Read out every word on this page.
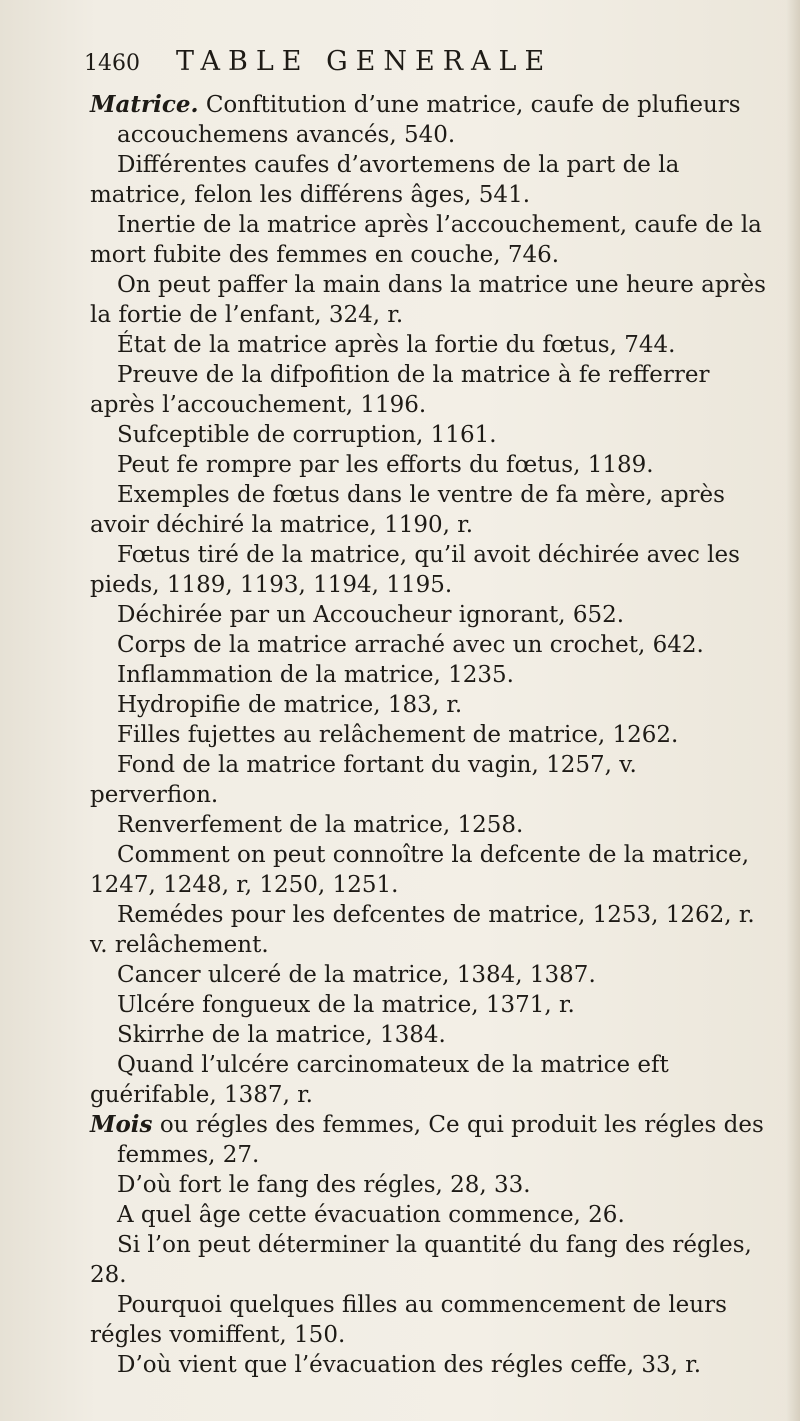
1460 TABLE GENERALE

Matrice. Conftitution d’une matrice, caufe de plufieurs accouchemens avancés, 540.

Différentes caufes d’avortemens de la part de la matrice, felon les différens âges, 541.

Inertie de la matrice après l’accouchement, caufe de la mort fubite des femmes en couche, 746.

On peut paffer la main dans la matrice une heure après la fortie de l’enfant, 324, r.

État de la matrice après la fortie du fœtus, 744.

Preuve de la difpofition de la matrice à fe refferrer après l’accouchement, 1196.

Sufceptible de corruption, 1161.

Peut fe rompre par les efforts du fœtus, 1189.

Exemples de fœtus dans le ventre de fa mère, après avoir déchiré la matrice, 1190, r.

Fœtus tiré de la matrice, qu’il avoit déchirée avec les pieds, 1189, 1193, 1194, 1195.

Déchirée par un Accoucheur ignorant, 652.

Corps de la matrice arraché avec un crochet, 642.

Inflammation de la matrice, 1235.

Hydropifie de matrice, 183, r.

Filles fujettes au relâchement de matrice, 1262.

Fond de la matrice fortant du vagin, 1257, v. perverfion.

Renverfement de la matrice, 1258.

Comment on peut connoître la defcente de la matrice, 1247, 1248, r, 1250, 1251.

Remédes pour les defcentes de matrice, 1253, 1262, r. v. relâchement.

Cancer ulceré de la matrice, 1384, 1387.

Ulcére fongueux de la matrice, 1371, r.

Skirrhe de la matrice, 1384.

Quand l’ulcére carcinomateux de la matrice eft guérifable, 1387, r.

Mois ou régles des femmes, Ce qui produit les régles des femmes, 27.

D’où fort le fang des régles, 28, 33.

A quel âge cette évacuation commence, 26.

Si l’on peut déterminer la quantité du fang des régles, 28.

Pourquoi quelques filles au commencement de leurs régles vomiffent, 150.

D’où vient que l’évacuation des régles ceffe, 33, r.
